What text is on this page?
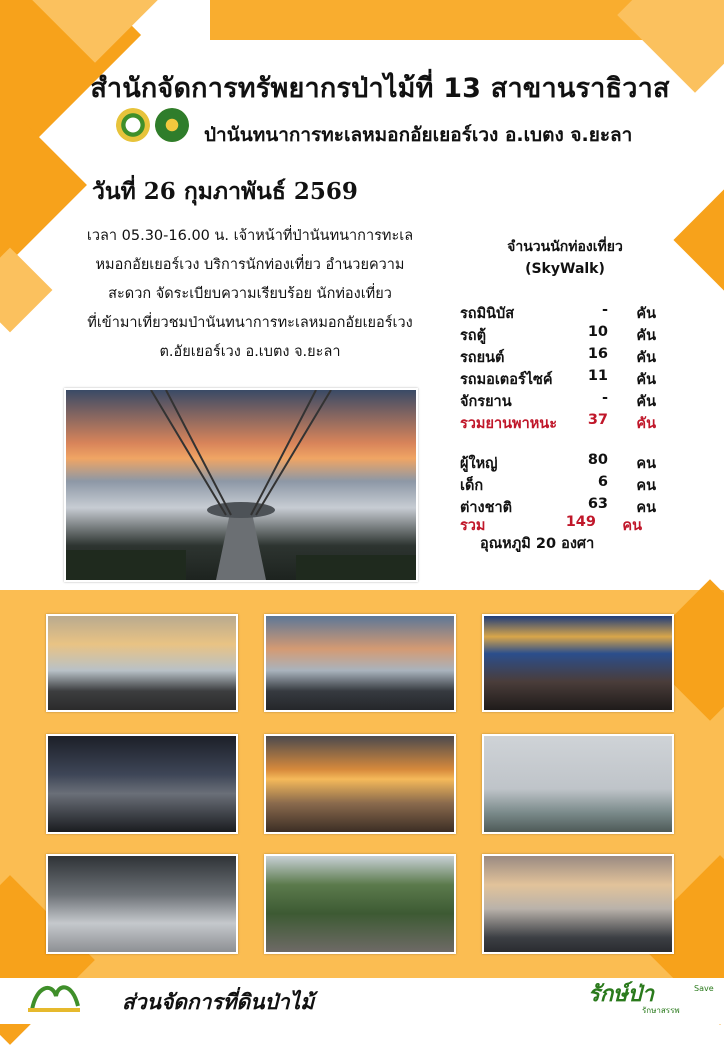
สำนักจัดการทรัพยากรป่าไม้ที่ 13 สาขานราธิวาส
ป่านันทนาการทะเลหมอกอัยเยอร์เวง อ.เบตง จ.ยะลา
วันที่ 26 กุมภาพันธ์ 2569
เวลา 05.30-16.00 น. เจ้าหน้าที่ป่านันทนาการทะเล
หมอกอัยเยอร์เวง บริการนักท่องเที่ยว อำนวยความ
สะดวก จัดระเบียบความเรียบร้อย นักท่องเที่ยว
ที่เข้ามาเที่ยวชมป่านันทนาการทะเลหมอกอัยเยอร์เวง
ต.อัยเยอร์เวง อ.เบตง จ.ยะลา
จำนวนนักท่องเที่ยว
(SkyWalk)
รถมินิบัส	- คัน
รถตู้	10 คัน
รถยนต์	16 คัน
รถมอเตอร์ไซค์ 11 คัน
จักรยาน	- คัน
รวมยานพาหนะ 37 คัน
ผู้ใหญ่	80 คน
เด็ก	6 คน
ต่างชาติ	63 คน
รวม	149 คน
อุณหภูมิ 20 องศา
ส่วนจัดการที่ดินป่าไม้	รักษ์ป่า
รักษาสรรพ
Save
